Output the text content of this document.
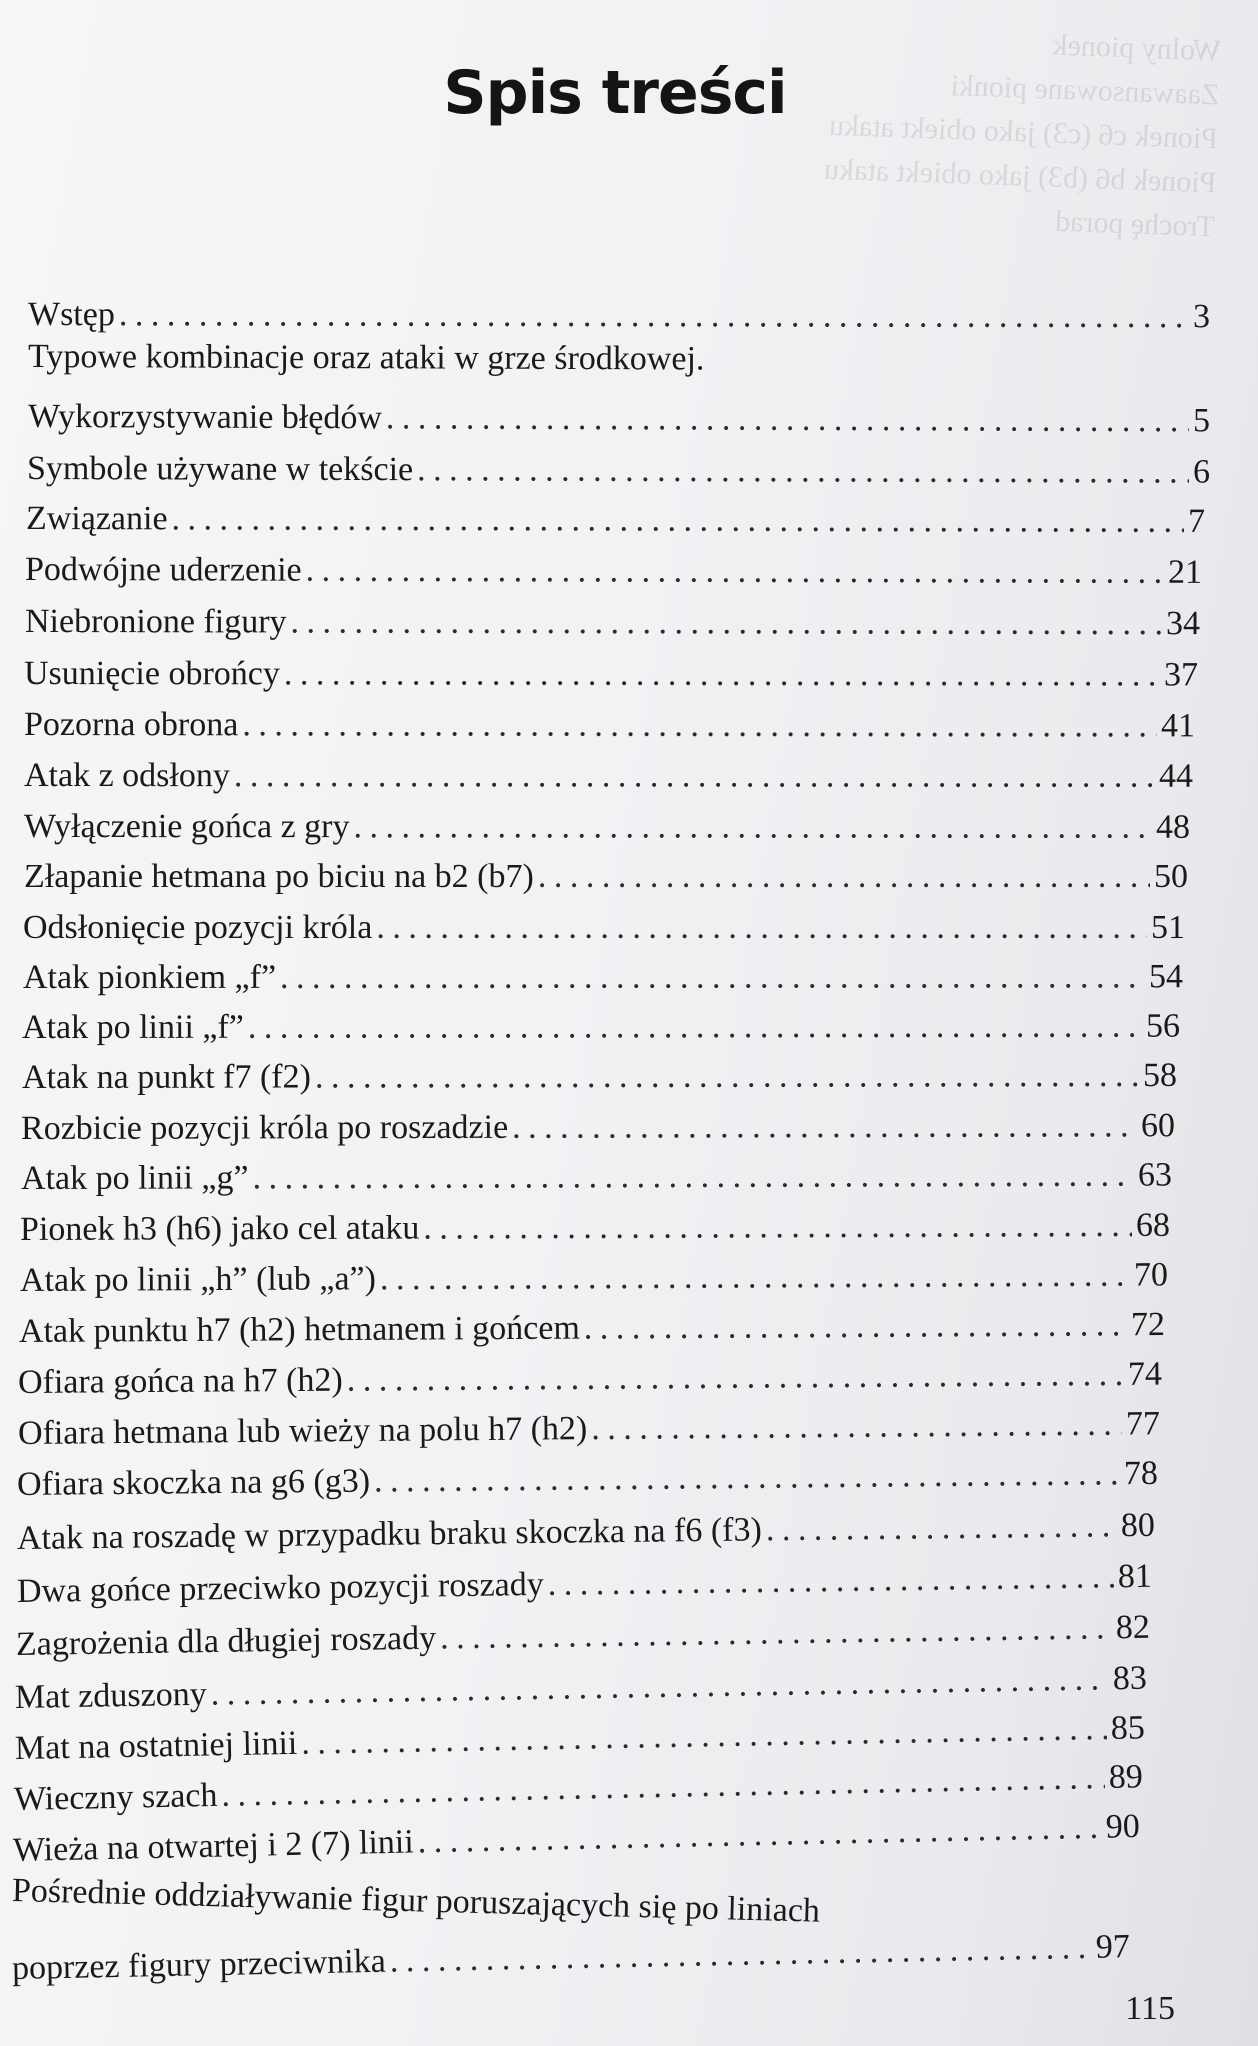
Wolny pionek
Zaawansowane pionki
Pionek c6 (c3) jako obiekt ataku
Pionek b6 (b3) jako obiekt ataku
Trochę porad
Spis treści
Wstęp . . .	3
Typowe kombinacje oraz ataki w grze środkowej.
Wykorzystywanie błędów . . .	5
Symbole używane w tekście . . .	6
Związanie . . .	7
Podwójne uderzenie . . .	21
Niebronione figury . . .	34
Usunięcie obrońcy . . .	37
Pozorna obrona . . .	41
Atak z odsłony . . .	44
Wyłączenie gońca z gry . . .	48
Złapanie hetmana po biciu na b2 (b7) . . .	50
Odsłonięcie pozycji króla . . .	51
Atak pionkiem „f” . . .	54
Atak po linii „f” . . .	56
Atak na punkt f7 (f2) . . .	58
Rozbicie pozycji króla po roszadzie . . .	60
Atak po linii „g” . . .	63
Pionek h3 (h6) jako cel ataku . . .	68
Atak po linii „h” (lub „a”) . . .	70
Atak punktu h7 (h2) hetmanem i gońcem . . .	72
Ofiara gońca na h7 (h2) . . .	74
Ofiara hetmana lub wieży na polu h7 (h2) . . .	77
Ofiara skoczka na g6 (g3) . . .	78
Atak na roszadę w przypadku braku skoczka na f6 (f3) . . .	80
Dwa gońce przeciwko pozycji roszady . . .	81
Zagrożenia dla długiej roszady . . .	82
Mat zduszony . . .	83
Mat na ostatniej linii . . .	85
Wieczny szach . . .	89
Wieża na otwartej i 2 (7) linii . . .	90
Pośrednie oddziaływanie figur poruszających się po liniach
poprzez figury przeciwnika . . .	97
115
